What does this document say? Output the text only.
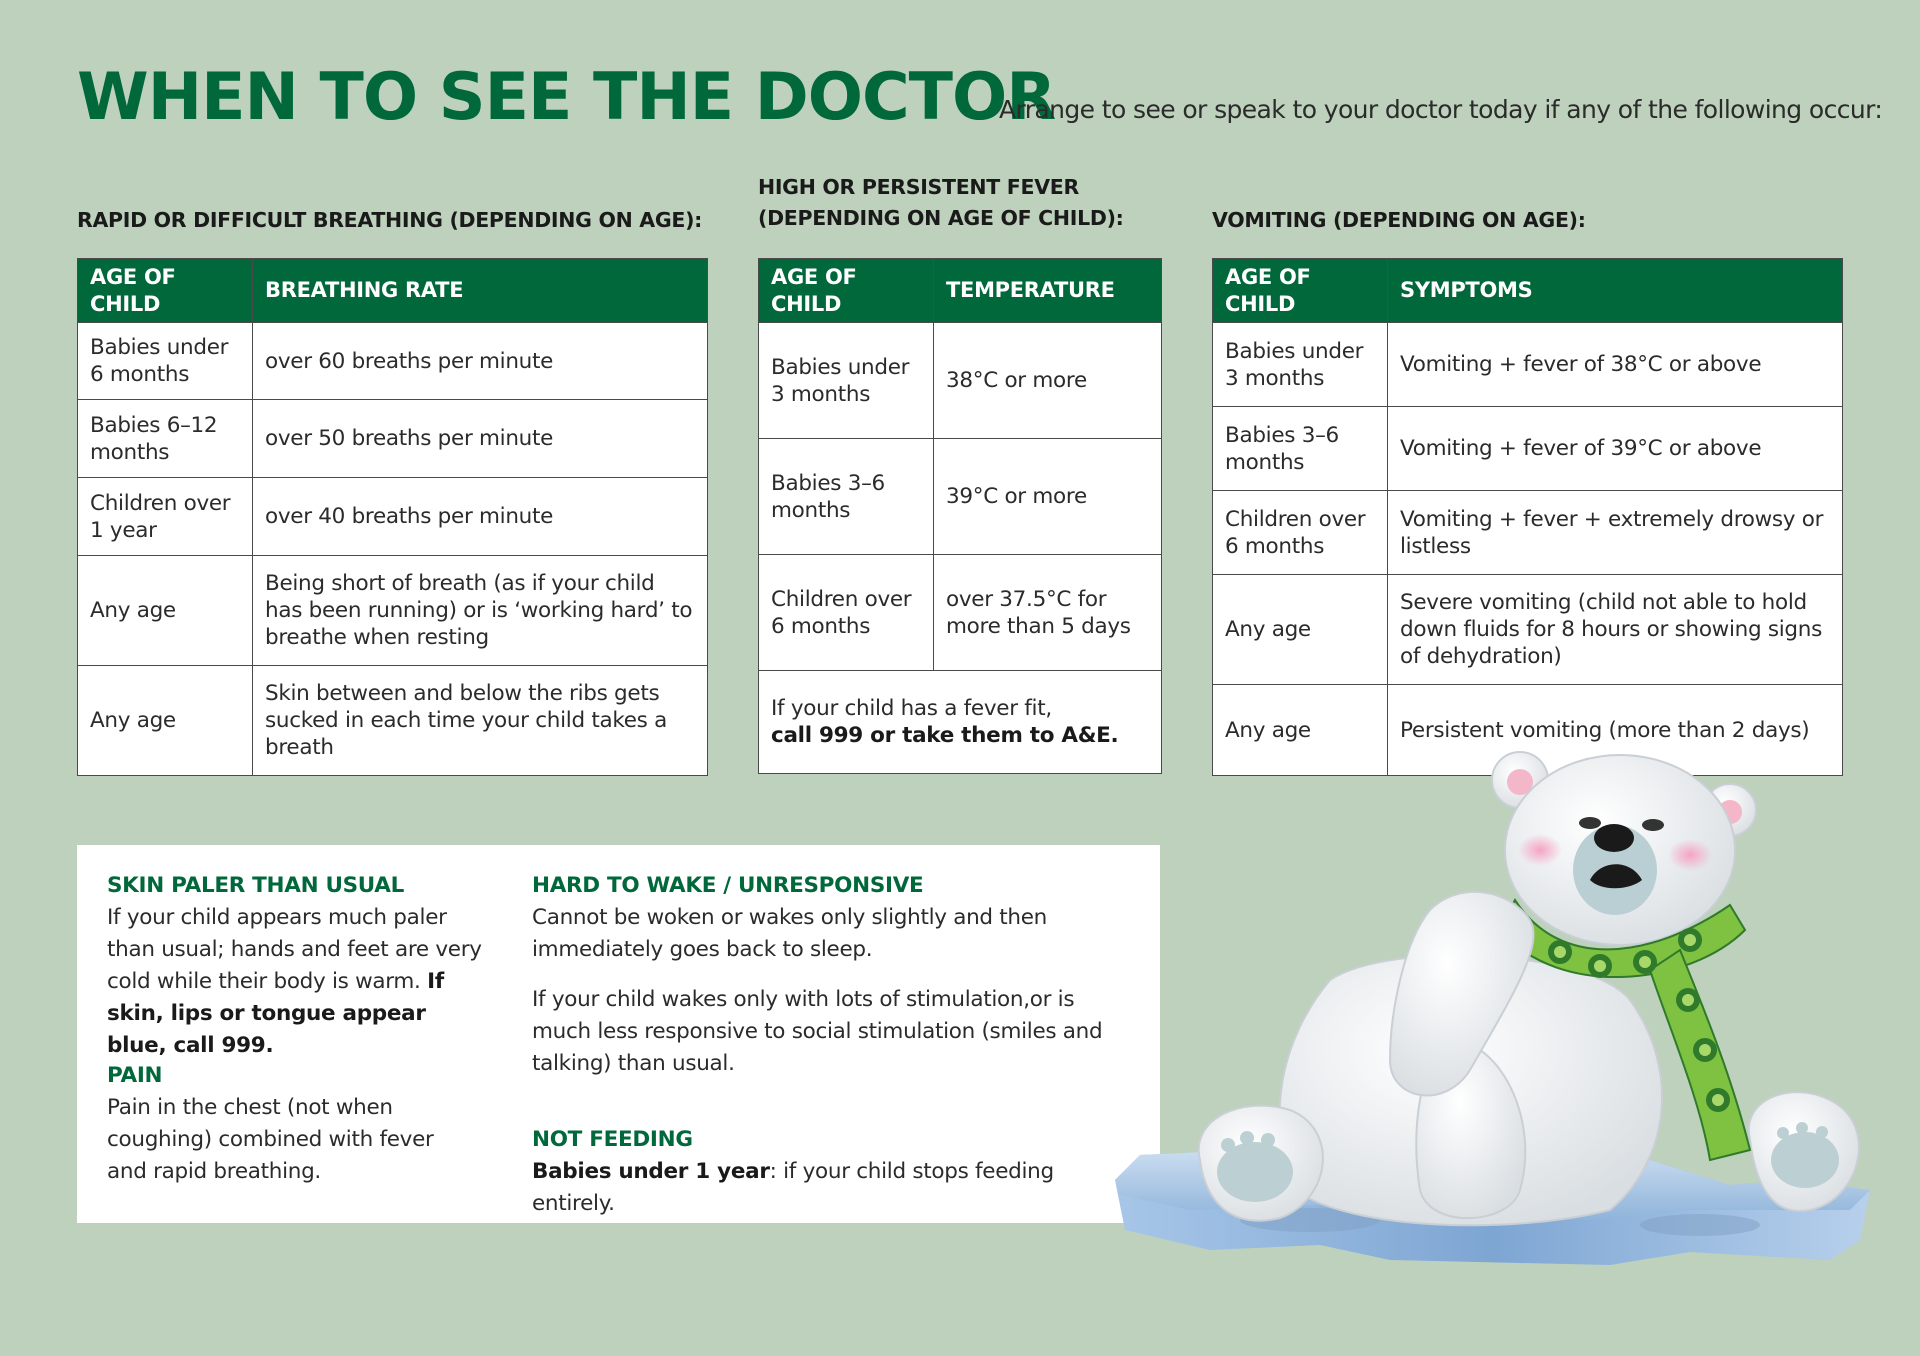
WHEN TO SEE THE DOCTOR
Arrange to see or speak to your doctor today if any of the following occur:
RAPID OR DIFFICULT BREATHING (DEPENDING ON AGE):
AGE OF CHILD	BREATHING RATE
Babies under 6 months	over 60 breaths per minute
Babies 6–12 months	over 50 breaths per minute
Children over 1 year	over 40 breaths per minute
Any age	Being short of breath (as if your child has been running) or is ‘working hard’ to breathe when resting
Any age	Skin between and below the ribs gets sucked in each time your child takes a breath
HIGH OR PERSISTENT FEVER
(DEPENDING ON AGE OF CHILD):
AGE OF CHILD	TEMPERATURE
Babies under 3 months	38°C or more
Babies 3–6 months	39°C or more
Children over 6 months	over 37.5°C for more than 5 days
If your child has a fever fit,
call 999 or take them to A&E.	
VOMITING (DEPENDING ON AGE):
AGE OF CHILD	SYMPTOMS
Babies under 3 months	Vomiting + fever of 38°C or above
Babies 3–6 months	Vomiting + fever of 39°C or above
Children over 6 months	Vomiting + fever + extremely drowsy or listless
Any age	Severe vomiting (child not able to hold down fluids for 8 hours or showing signs of dehydration)
Any age	Persistent vomiting (more than 2 days)
SKIN PALER THAN USUAL

If your child appears much paler than usual; hands and feet are very cold while their body is warm. If skin, lips or tongue appear blue, call 999.

PAIN

Pain in the chest (not when coughing) combined with fever and rapid breathing.

HARD TO WAKE / UNRESPONSIVE

Cannot be woken or wakes only slightly and then immediately goes back to sleep.

If your child wakes only with lots of stimulation,or is much less responsive to social stimulation (smiles and talking) than usual.

NOT FEEDING

Babies under 1 year: if your child stops feeding entirely.
